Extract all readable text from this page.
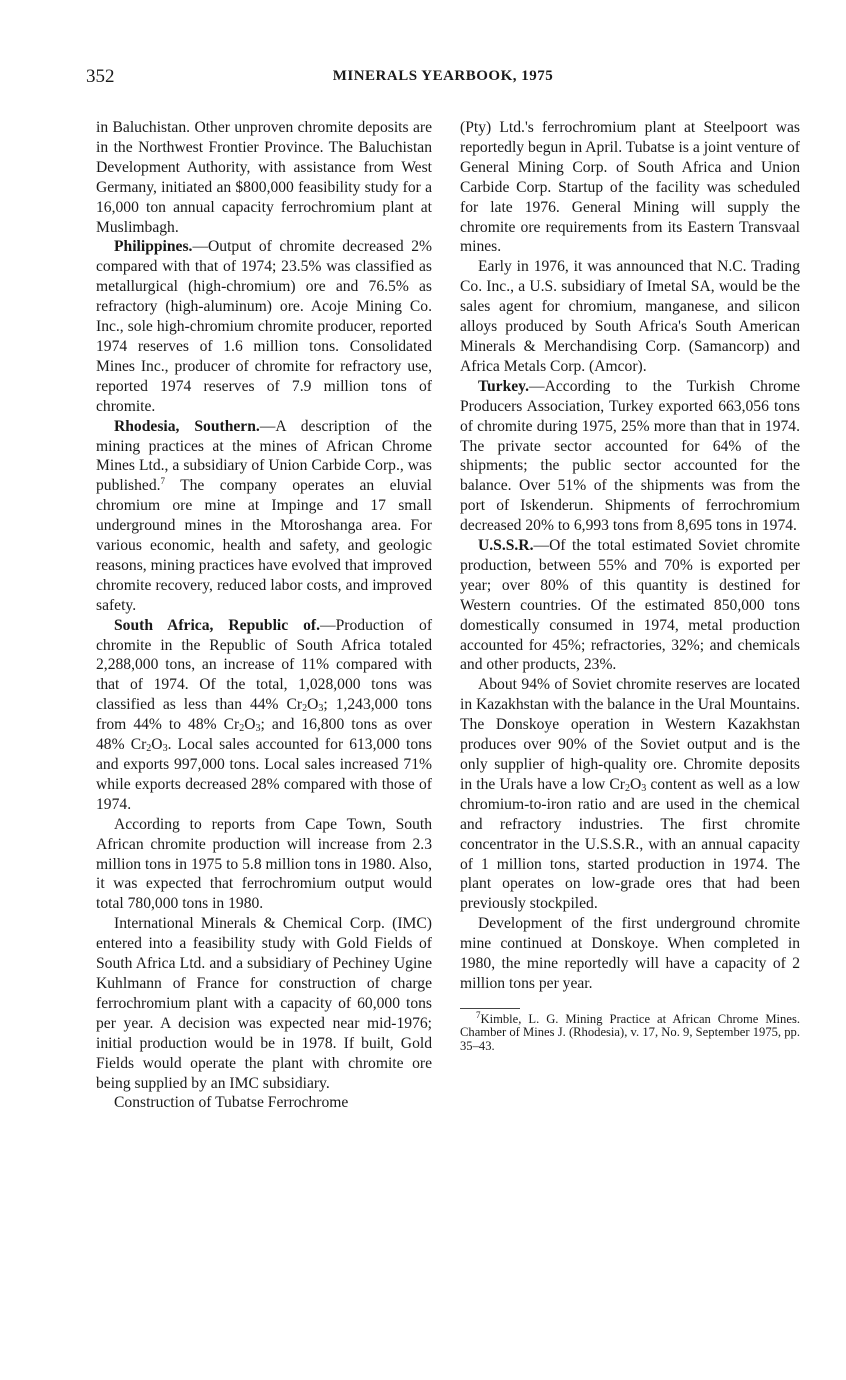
352	MINERALS YEARBOOK, 1975

in Baluchistan. Other unproven chromite deposits are in the Northwest Frontier Province. The Baluchistan Development Authority, with assistance from West Germany, initiated an $800,000 feasibility study for a 16,000 ton annual capacity ferrochromium plant at Muslimbagh.

Philippines.—Output of chromite decreased 2% compared with that of 1974; 23.5% was classified as metallurgical (high-chromium) ore and 76.5% as refractory (high-aluminum) ore. Acoje Mining Co. Inc., sole high-chromium chromite producer, reported 1974 reserves of 1.6 million tons. Consolidated Mines Inc., producer of chromite for refractory use, reported 1974 reserves of 7.9 million tons of chromite.

Rhodesia, Southern.—A description of the mining practices at the mines of African Chrome Mines Ltd., a subsidiary of Union Carbide Corp., was published.$^7$ The company operates an eluvial chromium ore mine at Impinge and 17 small underground mines in the Mtoroshanga area. For various economic, health and safety, and geologic reasons, mining practices have evolved that improved chromite recovery, reduced labor costs, and improved safety.

South Africa, Republic of.—Production of chromite in the Republic of South Africa totaled 2,288,000 tons, an increase of 11% compared with that of 1974. Of the total, 1,028,000 tons was classified as less than 44% $Cr_2O_3$; 1,243,000 tons from 44% to 48% $Cr_2O_3$; and 16,800 tons as over 48% $Cr_2O_3$. Local sales accounted for 613,000 tons and exports 997,000 tons. Local sales increased 71% while exports decreased 28% compared with those of 1974.

According to reports from Cape Town, South African chromite production will increase from 2.3 million tons in 1975 to 5.8 million tons in 1980. Also, it was expected that ferrochromium output would total 780,000 tons in 1980.

International Minerals & Chemical Corp. (IMC) entered into a feasibility study with Gold Fields of South Africa Ltd. and a subsidiary of Pechiney Ugine Kuhlmann of France for construction of charge ferrochromium plant with a capacity of 60,000 tons per year. A decision was expected near mid-1976; initial production would be in 1978. If built, Gold Fields would operate the plant with chromite ore being supplied by an IMC subsidiary.

Construction of Tubatse Ferrochrome

(Pty) Ltd.'s ferrochromium plant at Steelpoort was reportedly begun in April. Tubatse is a joint venture of General Mining Corp. of South Africa and Union Carbide Corp. Startup of the facility was scheduled for late 1976. General Mining will supply the chromite ore requirements from its Eastern Transvaal mines.

Early in 1976, it was announced that N.C. Trading Co. Inc., a U.S. subsidiary of Imetal SA, would be the sales agent for chromium, manganese, and silicon alloys produced by South Africa's South American Minerals & Merchandising Corp. (Samancorp) and Africa Metals Corp. (Amcor).

Turkey.—According to the Turkish Chrome Producers Association, Turkey exported 663,056 tons of chromite during 1975, 25% more than that in 1974. The private sector accounted for 64% of the shipments; the public sector accounted for the balance. Over 51% of the shipments was from the port of Iskenderun. Shipments of ferrochromium decreased 20% to 6,993 tons from 8,695 tons in 1974.

U.S.S.R.—Of the total estimated Soviet chromite production, between 55% and 70% is exported per year; over 80% of this quantity is destined for Western countries. Of the estimated 850,000 tons domestically consumed in 1974, metal production accounted for 45%; refractories, 32%; and chemicals and other products, 23%.

About 94% of Soviet chromite reserves are located in Kazakhstan with the balance in the Ural Mountains. The Donskoye operation in Western Kazakhstan produces over 90% of the Soviet output and is the only supplier of high-quality ore. Chromite deposits in the Urals have a low $Cr_2O_3$ content as well as a low chromium-to-iron ratio and are used in the chemical and refractory industries. The first chromite concentrator in the U.S.S.R., with an annual capacity of 1 million tons, started production in 1974. The plant operates on low-grade ores that had been previously stockpiled.

Development of the first underground chromite mine continued at Donskoye. When completed in 1980, the mine reportedly will have a capacity of 2 million tons per year.

$^7$Kimble, L. G. Mining Practice at African Chrome Mines. Chamber of Mines J. (Rhodesia), v. 17, No. 9, September 1975, pp. 35–43.
